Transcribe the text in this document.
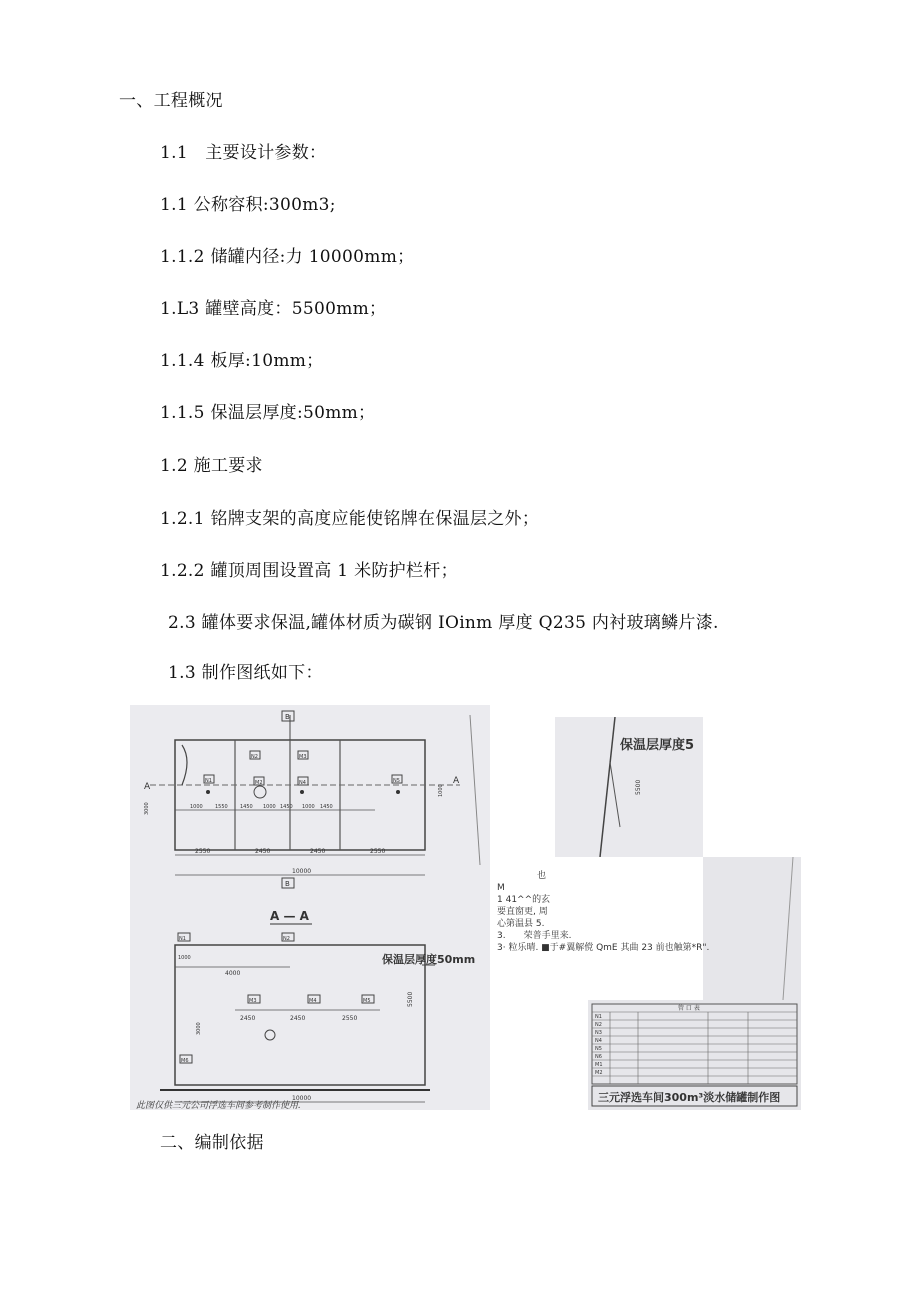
一、工程概况
1.1　主要设计参数：
1.1 公称容积:300m3;
1.1.2 储罐内径:力 10000mm；
1.L3 罐壁高度：5500mm；
1.1.4 板厚:10mm；
1.1.5 保温层厚度:50mm；
1.2 施工要求
1.2.1 铭牌支架的高度应能使铭牌在保温层之外；
1.2.2 罐顶周围设置高 1 米防护栏杆；
2.3 罐体要求保温,罐体材质为碳钢 IOinm 厚度 Q235 内衬玻璃鳞片漆.
1.3 制作图纸如下：
二、编制依据
B
A
A
N1
N2
M2
M3
N4	N5
1000 1550 1450 1000 1450 1000 1450
3000
1000
2550	2450	2450	2550
10000
B
A — A
N1	N2
M3	M4	M5
M6
1000
4000
2450	2450	2550
3000
5500
10000
保温层厚度50mm
此图仅供三元公司浮选车间参考制作使用.
保温层厚度5
5500
也
M
1 41^^的玄
要直窗更, 周
心第温县 5.
3.　　荣普手里来.
3· 粒乐晴. ■于#翼解傥 QmE 其曲 23 前也触第*R".
管 口 表
N1
N2
N3
N4
N5
N6
M1
M2
三元浮选车间300m³淡水储罐制作图
